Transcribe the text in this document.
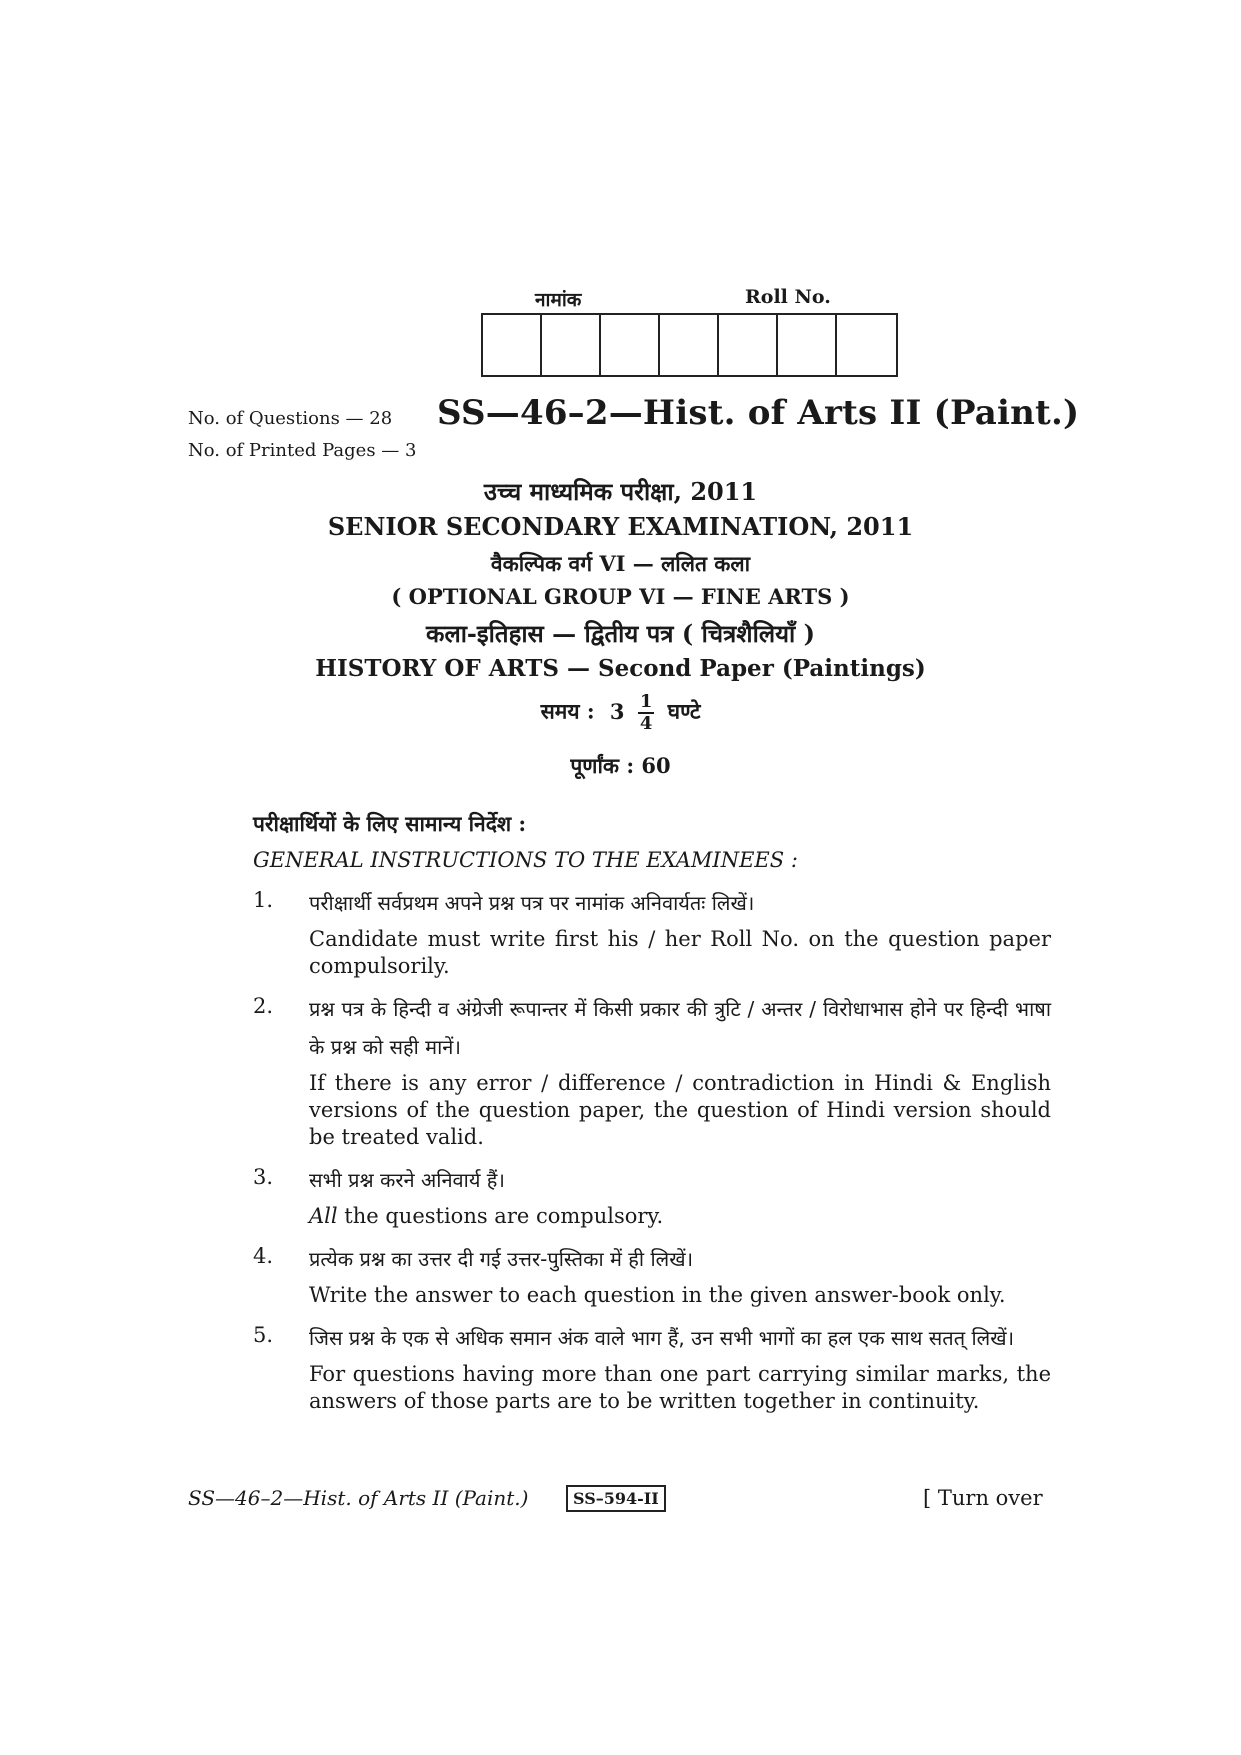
नामांक	Roll No.
No. of Questions — 28
No. of Printed Pages — 3
SS—46–2—Hist. of Arts II (Paint.)
उच्च माध्यमिक परीक्षा, 2011
SENIOR SECONDARY EXAMINATION, 2011
वैकल्पिक वर्ग VI — ललित कला
( OPTIONAL GROUP VI — FINE ARTS )
कला-इतिहास — द्वितीय पत्र ( चित्रशैलियाँ )
HISTORY OF ARTS — Second Paper (Paintings)
समय : $3 \frac{1}{4}$ घण्टे
पूर्णांक : 60
परीक्षार्थियों के लिए सामान्य निर्देश :
GENERAL INSTRUCTIONS TO THE EXAMINEES :
1. परीक्षार्थी सर्वप्रथम अपने प्रश्न पत्र पर नामांक अनिवार्यतः लिखें।

Candidate must write first his / her Roll No. on the question paper compulsorily.

2. प्रश्न पत्र के हिन्दी व अंग्रेजी रूपान्तर में किसी प्रकार की त्रुटि / अन्तर / विरोधाभास होने पर हिन्दी भाषा के प्रश्न को सही मानें।

If there is any error / difference / contradiction in Hindi & English versions of the question paper, the question of Hindi version should be treated valid.

3. सभी प्रश्न करने अनिवार्य हैं।

All the questions are compulsory.

4. प्रत्येक प्रश्न का उत्तर दी गई उत्तर-पुस्तिका में ही लिखें।

Write the answer to each question in the given answer-book only.

5. जिस प्रश्न के एक से अधिक समान अंक वाले भाग हैं, उन सभी भागों का हल एक साथ सतत् लिखें।

For questions having more than one part carrying similar marks, the answers of those parts are to be written together in continuity.

SS—46–2—Hist. of Arts II (Paint.)	SS–594-II	[ Turn over
